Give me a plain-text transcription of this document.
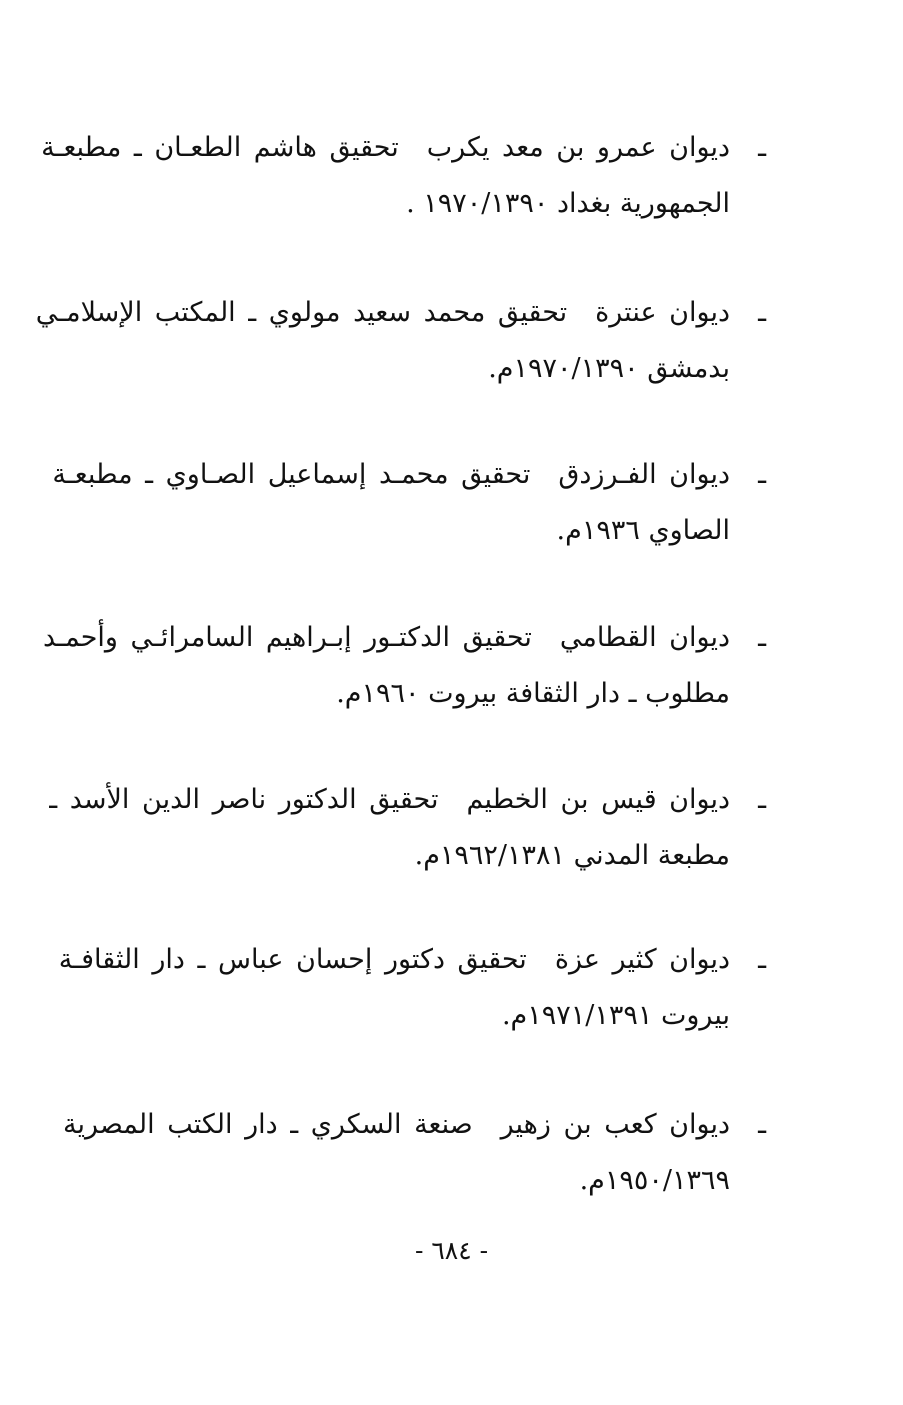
ـ
ديوان عمرو بن معد يكربتحقيق هاشم الطعـان ـ مطبعـة
الجمهورية بغداد ١٩٧٠/١٣٩٠ .
ـ
ديوان عنترةتحقيق محمد سعيد مولوي ـ المكتب الإسلامـي
بدمشق ١٩٧٠/١٣٩٠م.
ـ
ديوان الفـرزدقتحقيق محمـد إسماعيل الصـاوي ـ مطبعـة
الصاوي ١٩٣٦م.
ـ
ديوان القطاميتحقيق الدكتـور إبـراهيم السامرائـي وأحمـد
مطلوب ـ دار الثقافة بيروت ١٩٦٠م.
ـ
ديوان قيس بن الخطيمتحقيق الدكتور ناصر الدين الأسد ـ
مطبعة المدني ١٩٦٢/١٣٨١م.
ـ
ديوان كثير عزةتحقيق دكتور إحسان عباس ـ دار الثقافـة
بيروت ١٩٧١/١٣٩١م.
ـ
ديوان كعب بن زهيرصنعة السكري ـ دار الكتب المصرية
١٩٥٠/١٣٦٩م.
- ٦٨٤ -
